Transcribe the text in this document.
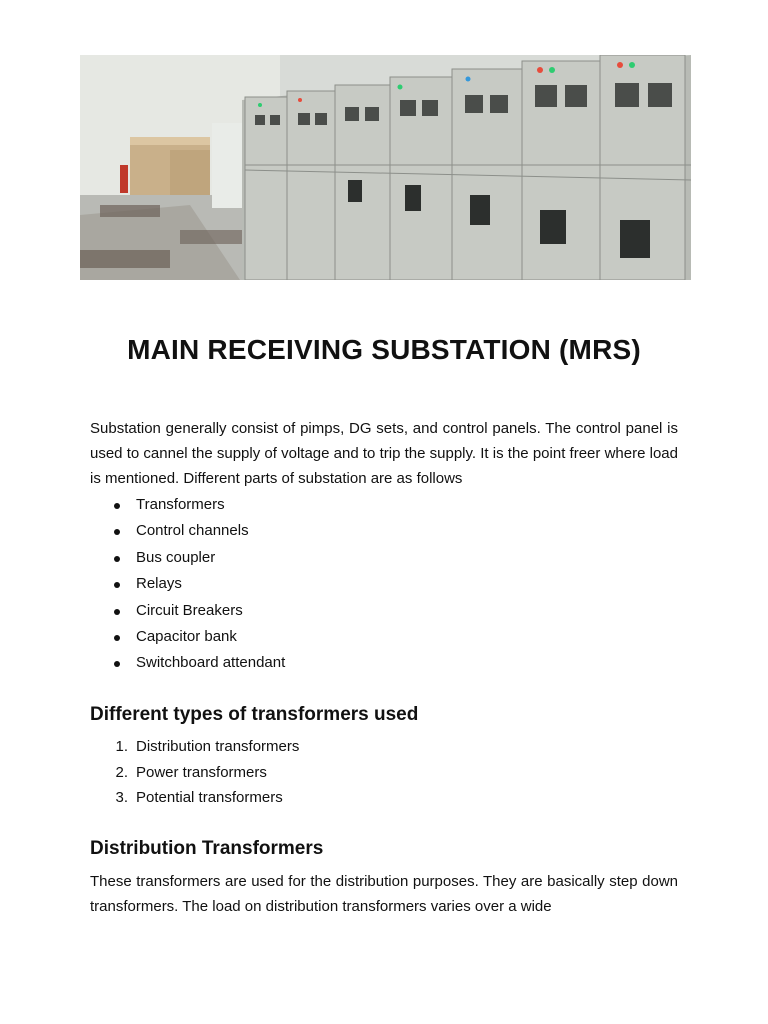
MAIN RECEIVING SUBSTATION (MRS)

Substation generally consist of pimps, DG sets, and control panels. The control panel is used to cannel the supply of voltage and to trip the supply. It is the point freer where load is mentioned. Different parts of substation are as follows

Transformers
Control channels
Bus coupler
Relays
Circuit Breakers
Capacitor bank
Switchboard attendant
Different types of transformers used
1. Distribution transformers
2. Power transformers
3. Potential transformers
Distribution Transformers

These transformers are used for the distribution purposes. They are basically step down transformers. The load on distribution transformers varies over a wide
